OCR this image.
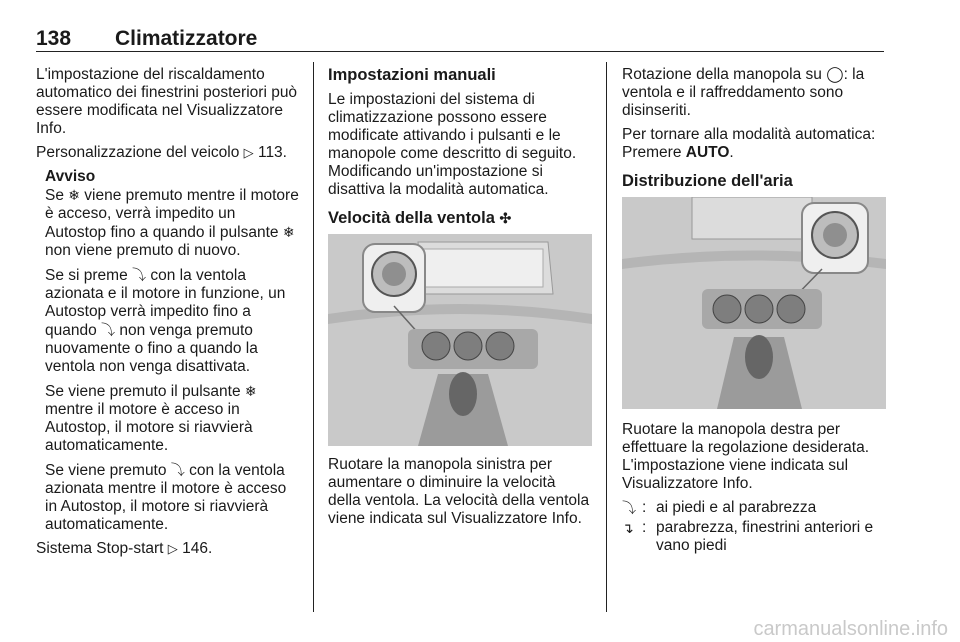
138 Climatizzatore

L'impostazione del riscaldamento automatico dei finestrini posteriori può essere modificata nel Visualizzatore Info.

Personalizzazione del veicolo ▷ 113.

Avviso

Se ❄ viene premuto mentre il motore è acceso, verrà impedito un Autostop fino a quando il pulsante ❄ non viene premuto di nuovo.

Se si preme ⤵ con la ventola azionata e il motore in funzione, un Autostop verrà impedito fino a quando ⤵ non venga premuto nuovamente o fino a quando la ventola non venga disattivata.

Se viene premuto il pulsante ❄ mentre il motore è acceso in Autostop, il motore si riavvierà automaticamente.

Se viene premuto ⤵ con la ventola azionata mentre il motore è acceso in Autostop, il motore si riavvierà automaticamente.

Sistema Stop-start ▷ 146.

Impostazioni manuali

Le impostazioni del sistema di climatizzazione possono essere modificate attivando i pulsanti e le manopole come descritto di seguito. Modificando un'impostazione si disattiva la modalità automatica.

Velocità della ventola ✣

Ruotare la manopola sinistra per aumentare o diminuire la velocità della ventola. La velocità della ventola viene indicata sul Visualizzatore Info.

Rotazione della manopola su ◯: la ventola e il raffreddamento sono disinseriti.

Per tornare alla modalità automatica: Premere AUTO.

Distribuzione dell'aria

Ruotare la manopola destra per effettuare la regolazione desiderata. L'impostazione viene indicata sul Visualizzatore Info.

⤵ : ai piedi e al parabrezza
↴ : parabrezza, finestrini anteriori e vano piedi
carmanualsonline.info
